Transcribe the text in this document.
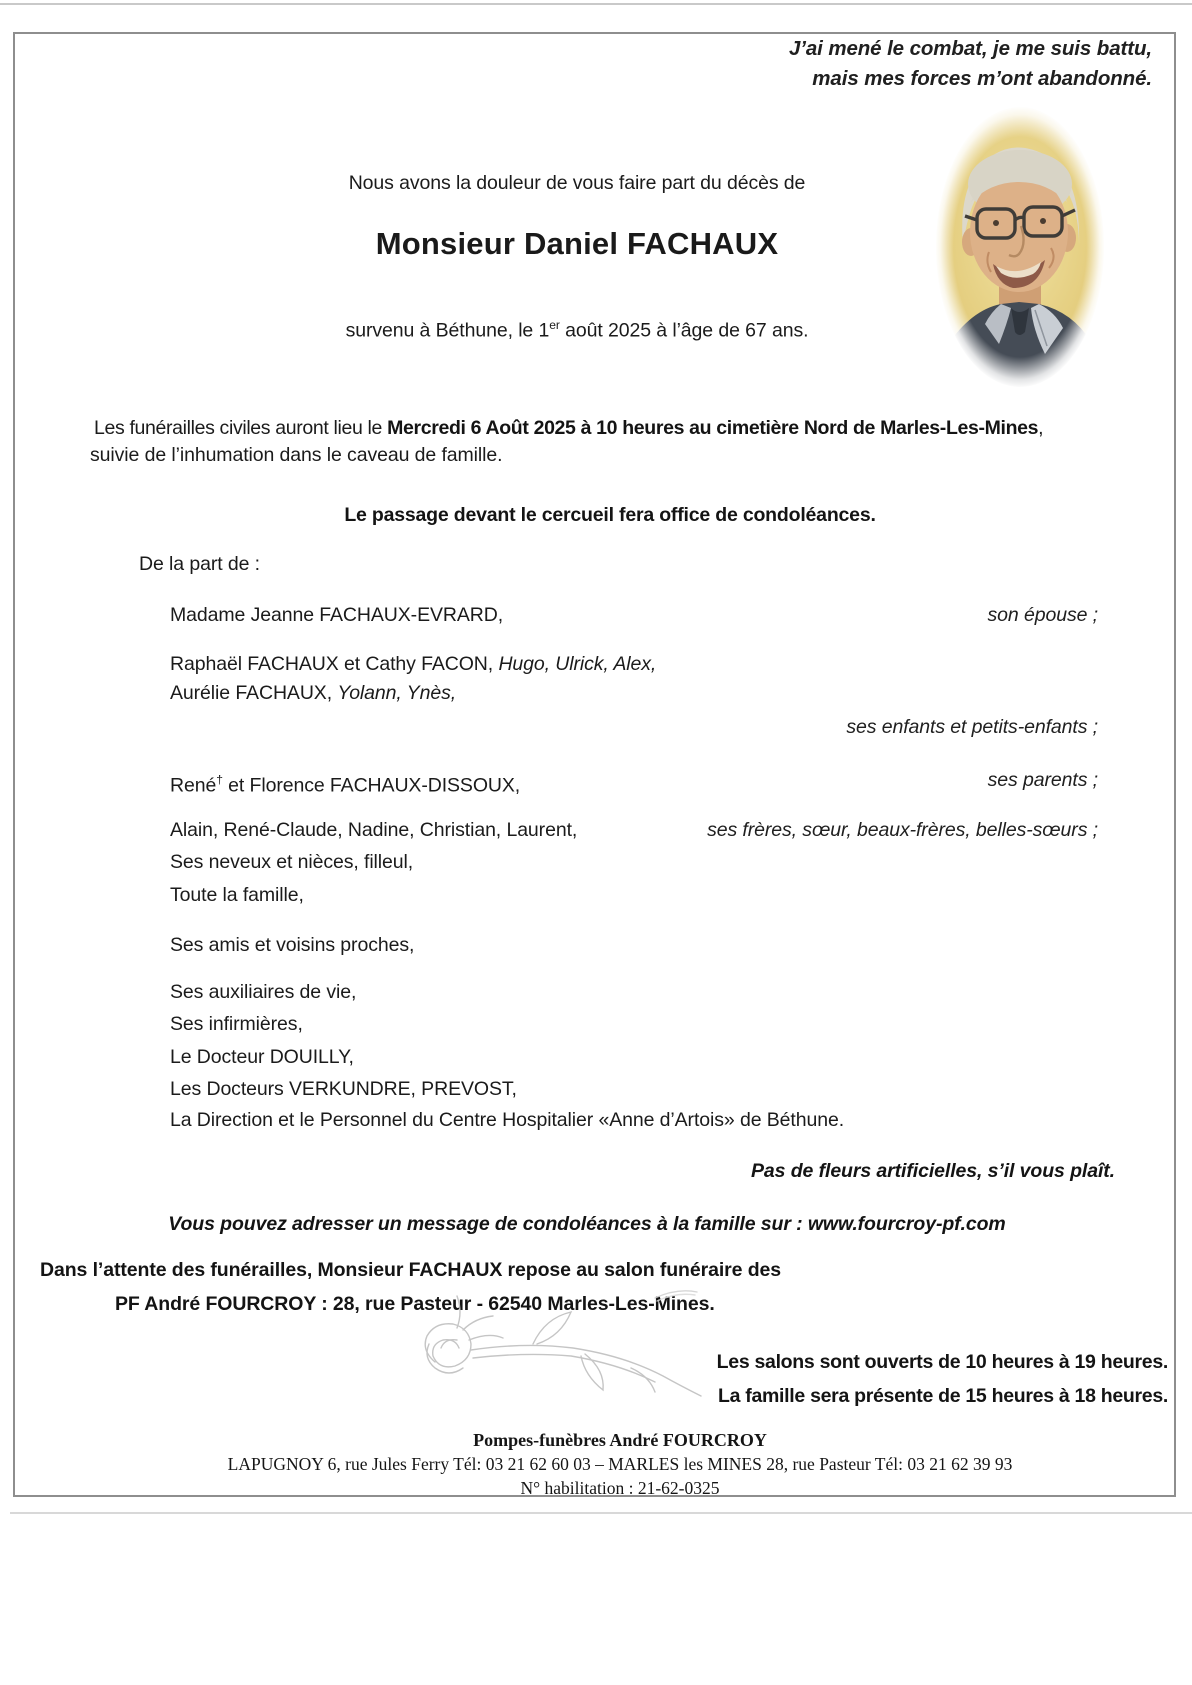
J’ai mené le combat, je me suis battu,
mais mes forces m’ont abandonné.
Nous avons la douleur de vous faire part du décès de
Monsieur Daniel FACHAUX
survenu à Béthune, le 1er août 2025 à l’âge de 67 ans.
Les funérailles civiles auront lieu le Mercredi 6 Août 2025 à 10 heures au cimetière Nord de Marles-Les-Mines,
suivie de l’inhumation dans le caveau de famille.
Le passage devant le cercueil fera office de condoléances.
De la part de :
Madame Jeanne FACHAUX-EVRARD,	son épouse ;
Raphaël FACHAUX et Cathy FACON, Hugo, Ulrick, Alex,
Aurélie FACHAUX, Yolann, Ynès,
ses enfants et petits-enfants ;
René† et Florence FACHAUX-DISSOUX,	ses parents ;
Alain, René-Claude, Nadine, Christian, Laurent,	ses frères, sœur, beaux-frères, belles-sœurs ;
Ses neveux et nièces, filleul,
Toute la famille,
Ses amis et voisins proches,
Ses auxiliaires de vie,
Ses infirmières,
Le Docteur DOUILLY,
Les Docteurs VERKUNDRE, PREVOST,
La Direction et le Personnel du Centre Hospitalier «Anne d’Artois» de Béthune.
Pas de fleurs artificielles, s’il vous plaît.
Vous pouvez adresser un message de condoléances à la famille sur : www.fourcroy-pf.com
Dans l’attente des funérailles, Monsieur FACHAUX repose au salon funéraire des
PF André FOURCROY : 28, rue Pasteur - 62540 Marles-Les-Mines.
Les salons sont ouverts de 10 heures à 19 heures.
La famille sera présente de 15 heures à 18 heures.
Pompes-funèbres André FOURCROY
LAPUGNOY 6, rue Jules Ferry Tél: 03 21 62 60 03 – MARLES les MINES 28, rue Pasteur Tél: 03 21 62 39 93
N° habilitation : 21-62-0325
